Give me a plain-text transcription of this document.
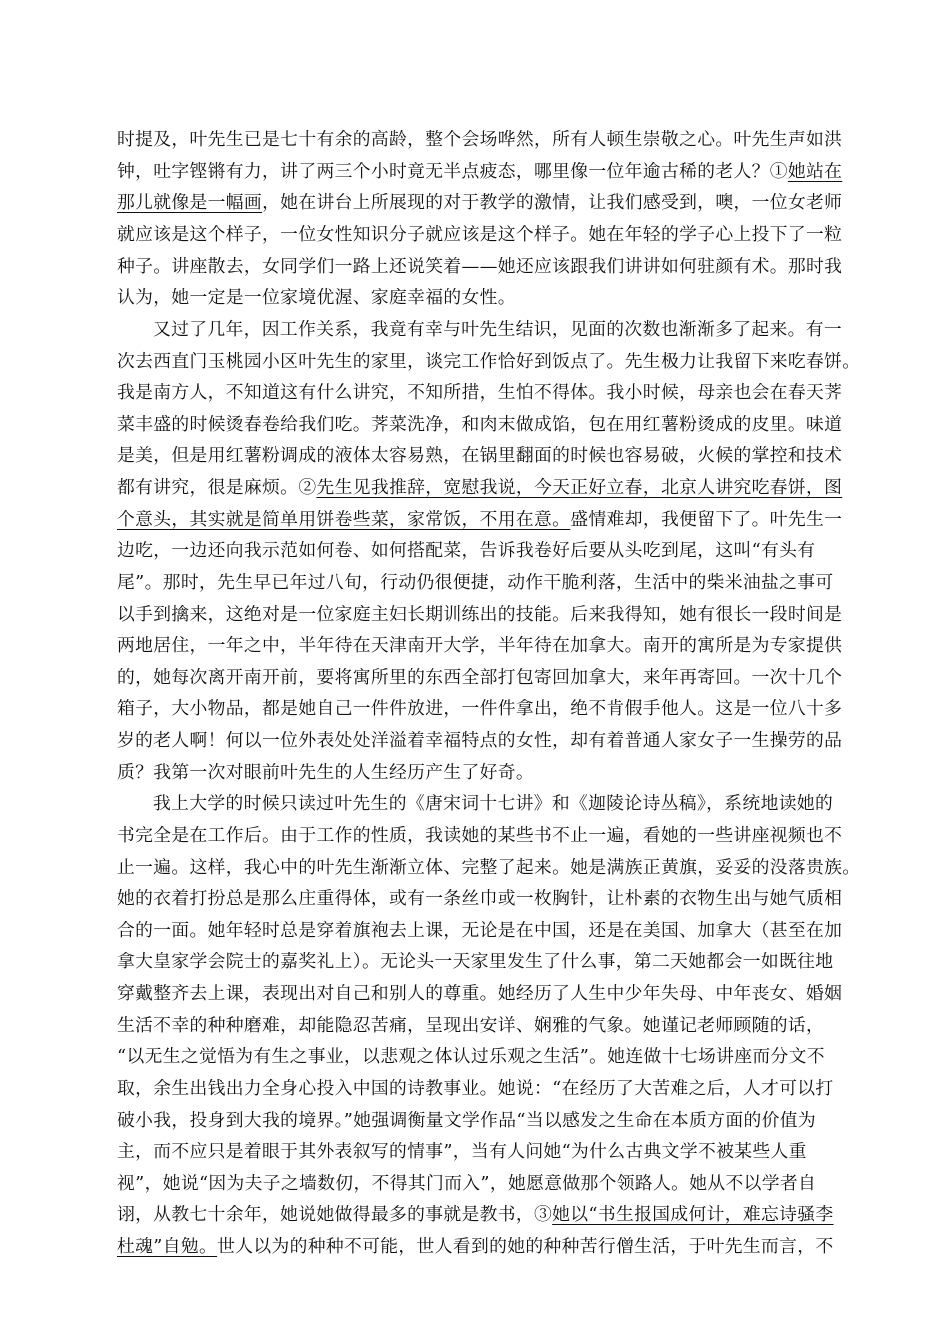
时提及，叶先生已是七十有余的高龄，整个会场哗然，所有人顿生崇敬之心。叶先生声如洪
钟，吐字铿锵有力，讲了两三个小时竟无半点疲态，哪里像一位年逾古稀的老人？①她站在
那儿就像是一幅画，她在讲台上所展现的对于教学的激情，让我们感受到，噢，一位女老师
就应该是这个样子，一位女性知识分子就应该是这个样子。她在年轻的学子心上投下了一粒
种子。讲座散去，女同学们一路上还说笑着——她还应该跟我们讲讲如何驻颜有术。那时我
认为，她一定是一位家境优渥、家庭幸福的女性。
又过了几年，因工作关系，我竟有幸与叶先生结识，见面的次数也渐渐多了起来。有一
次去西直门玉桃园小区叶先生的家里，谈完工作恰好到饭点了。先生极力让我留下来吃春饼。
我是南方人，不知道这有什么讲究，不知所措，生怕不得体。我小时候，母亲也会在春天荠
菜丰盛的时候烫春卷给我们吃。荠菜洗净，和肉末做成馅，包在用红薯粉烫成的皮里。味道
是美，但是用红薯粉调成的液体太容易熟，在锅里翻面的时候也容易破，火候的掌控和技术
都有讲究，很是麻烦。②先生见我推辞，宽慰我说，今天正好立春，北京人讲究吃春饼，图
个意头，其实就是简单用饼卷些菜，家常饭，不用在意。盛情难却，我便留下了。叶先生一
边吃，一边还向我示范如何卷、如何搭配菜，告诉我卷好后要从头吃到尾，这叫“有头有
尾”。那时，先生早已年过八旬，行动仍很便捷，动作干脆利落，生活中的柴米油盐之事可
以手到擒来，这绝对是一位家庭主妇长期训练出的技能。后来我得知，她有很长一段时间是
两地居住，一年之中，半年待在天津南开大学，半年待在加拿大。南开的寓所是为专家提供
的，她每次离开南开前，要将寓所里的东西全部打包寄回加拿大，来年再寄回。一次十几个
箱子，大小物品，都是她自己一件件放进，一件件拿出，绝不肯假手他人。这是一位八十多
岁的老人啊！何以一位外表处处洋溢着幸福特点的女性，却有着普通人家女子一生操劳的品
质？我第一次对眼前叶先生的人生经历产生了好奇。
我上大学的时候只读过叶先生的《唐宋词十七讲》和《迦陵论诗丛稿》，系统地读她的
书完全是在工作后。由于工作的性质，我读她的某些书不止一遍，看她的一些讲座视频也不
止一遍。这样，我心中的叶先生渐渐立体、完整了起来。她是满族正黄旗，妥妥的没落贵族。
她的衣着打扮总是那么庄重得体，或有一条丝巾或一枚胸针，让朴素的衣物生出与她气质相
合的一面。她年轻时总是穿着旗袍去上课，无论是在中国，还是在美国、加拿大（甚至在加
拿大皇家学会院士的嘉奖礼上）。无论头一天家里发生了什么事，第二天她都会一如既往地
穿戴整齐去上课，表现出对自己和别人的尊重。她经历了人生中少年失母、中年丧女、婚姻
生活不幸的种种磨难，却能隐忍苦痛，呈现出安详、娴雅的气象。她谨记老师顾随的话，
“以无生之觉悟为有生之事业，以悲观之体认过乐观之生活”。她连做十七场讲座而分文不
取，余生出钱出力全身心投入中国的诗教事业。她说：“在经历了大苦难之后，人才可以打
破小我，投身到大我的境界。”她强调衡量文学作品“当以感发之生命在本质方面的价值为
主，而不应只是着眼于其外表叙写的情事”，当有人问她“为什么古典文学不被某些人重
视”，她说“因为夫子之墙数仞，不得其门而入”，她愿意做那个领路人。她从不以学者自
诩，从教七十余年，她说她做得最多的事就是教书，③她以“书生报国成何计，难忘诗骚李
杜魂”自勉。世人以为的种种不可能，世人看到的她的种种苦行僧生活，于叶先生而言，不
